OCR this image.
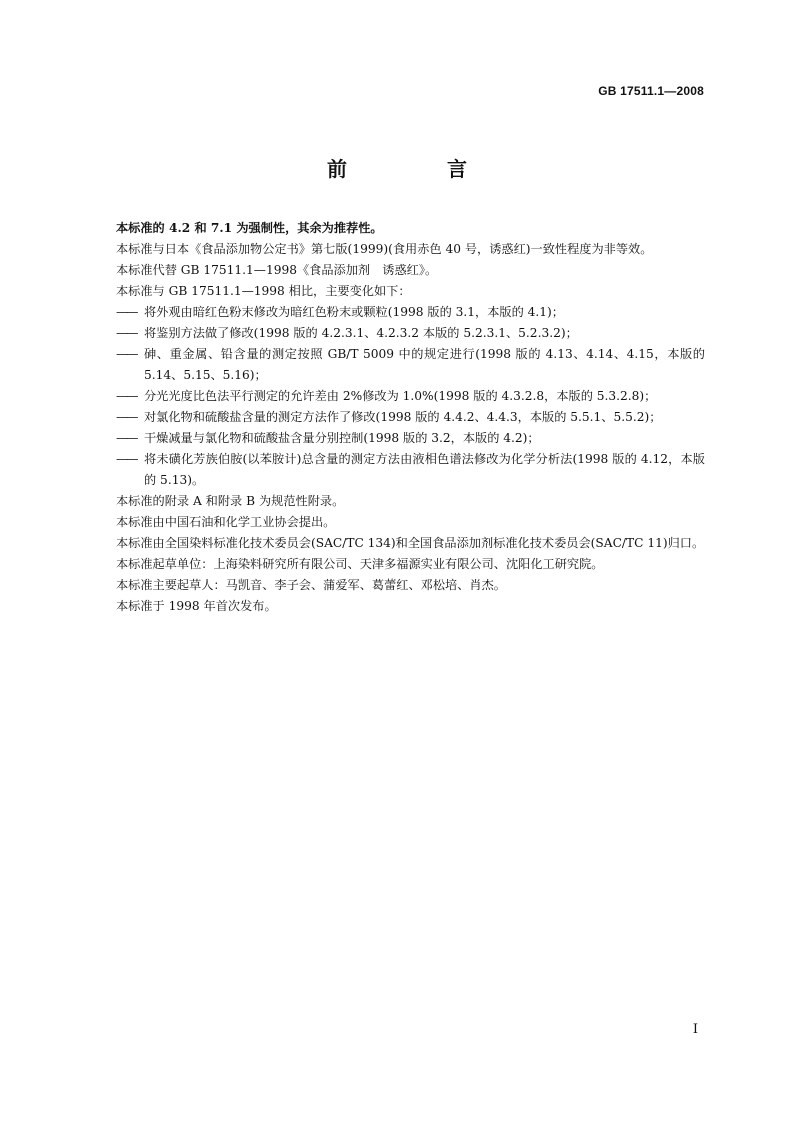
GB 17511.1—2008
前　言

本标准的 4.2 和 7.1 为强制性，其余为推荐性。

本标准与日本《食品添加物公定书》第七版(1999)(食用赤色 40 号，诱惑红)一致性程度为非等效。

本标准代替 GB 17511.1—1998《食品添加剂　诱惑红》。

本标准与 GB 17511.1—1998 相比，主要变化如下：

—— 将外观由暗红色粉末修改为暗红色粉末或颗粒(1998 版的 3.1，本版的 4.1)；

—— 将鉴别方法做了修改(1998 版的 4.2.3.1、4.2.3.2 本版的 5.2.3.1、5.2.3.2)；

—— 砷、重金属、铅含量的测定按照 GB/T 5009 中的规定进行(1998 版的 4.13、4.14、4.15，本版的 5.14、5.15、5.16)；

—— 分光光度比色法平行测定的允许差由 2%修改为 1.0%(1998 版的 4.3.2.8，本版的 5.3.2.8)；

—— 对氯化物和硫酸盐含量的测定方法作了修改(1998 版的 4.4.2、4.4.3，本版的 5.5.1、5.5.2)；

—— 干燥减量与氯化物和硫酸盐含量分别控制(1998 版的 3.2，本版的 4.2)；

—— 将未磺化芳族伯胺(以苯胺计)总含量的测定方法由液相色谱法修改为化学分析法(1998 版的 4.12，本版的 5.13)。

本标准的附录 A 和附录 B 为规范性附录。

本标准由中国石油和化学工业协会提出。

本标准由全国染料标准化技术委员会(SAC/TC 134)和全国食品添加剂标准化技术委员会(SAC/TC 11)归口。

本标准起草单位：上海染料研究所有限公司、天津多福源实业有限公司、沈阳化工研究院。

本标准主要起草人：马凯音、李子会、蒲爱军、葛蕾红、邓松培、肖杰。

本标准于 1998 年首次发布。

I
